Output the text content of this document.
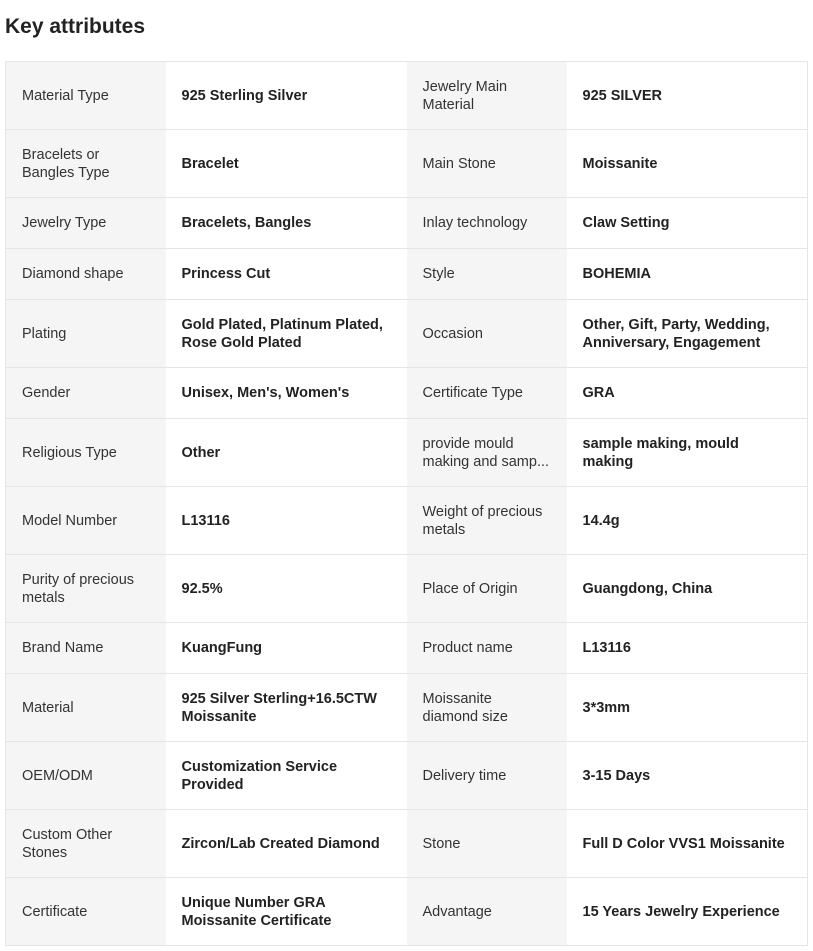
Key attributes
Material Type	925 Sterling Silver	Jewelry Main Material	925 SILVER
Bracelets or Bangles Type	Bracelet	Main Stone	Moissanite
Jewelry Type	Bracelets, Bangles	Inlay technology	Claw Setting
Diamond shape	Princess Cut	Style	BOHEMIA
Plating	Gold Plated, Platinum Plated, Rose Gold Plated	Occasion	Other, Gift, Party, Wedding, Anniversary, Engagement
Gender	Unisex, Men's, Women's	Certificate Type	GRA
Religious Type	Other	provide mould making and samp...	sample making, mould making
Model Number	L13116	Weight of precious metals	14.4g
Purity of precious metals	92.5%	Place of Origin	Guangdong, China
Brand Name	KuangFung	Product name	L13116
Material	925 Silver Sterling+16.5CTW Moissanite	Moissanite diamond size	3*3mm
OEM/ODM	Customization Service Provided	Delivery time	3-15 Days
Custom Other Stones	Zircon/Lab Created Diamond	Stone	Full D Color VVS1 Moissanite
Certificate	Unique Number GRA Moissanite Certificate	Advantage	15 Years Jewelry Experience
